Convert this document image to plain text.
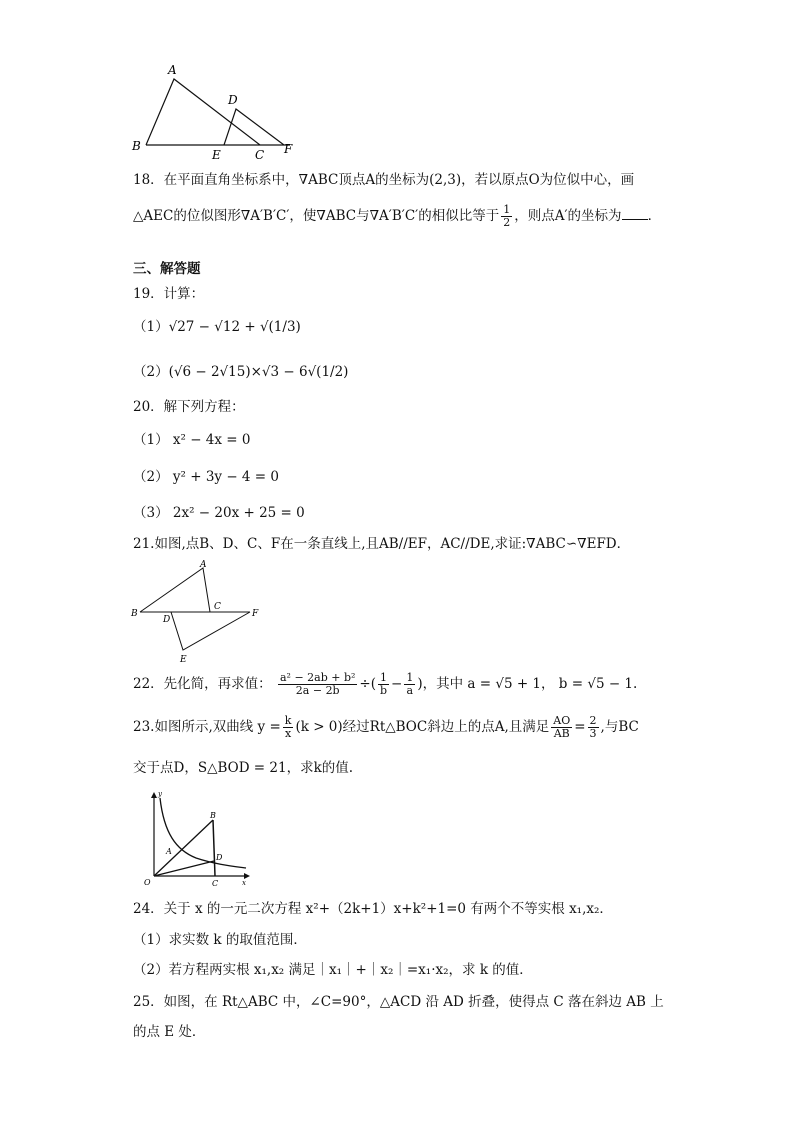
A
B
D
E	C F
18．在平面直角坐标系中，∇ABC顶点A的坐标为(2,3)，若以原点O为位似中心，画
△AEC的位似图形∇A′B′C′，使∇ABC与∇A′B′C′的相似比等于 $\frac{1}{2}$ ，则点A′的坐标为 ．
三、解答题
19．计算：
（1）√27 − √12 + √(1/3)
（2）(√6 − 2√15)×√3 − 6√(1/2)
20．解下列方程：
（1） x² − 4x = 0
（2） y² + 3y − 4 = 0
（3） 2x² − 20x + 25 = 0
21.如图,点B、D、C、F在一条直线上,且AB//EF，AC//DE,求证:∇ABC∽∇EFD．
A
B
C
D
F
E
22．先化简，再求值： $\frac{\text{a² − 2ab + b²}}{2a - 2b}$ ÷( $\frac{1}{b} - \frac{1}{a}$ )，其中 a = √5 + 1， b = √5 − 1.
23.如图所示,双曲线 $y = \frac{k}{x} (k > 0)$经过Rt△BOC斜边上的点A,且满足 $\frac{AO}{AB} = \frac{2}{3}$ ,与BC
交于点D，S△BOD = 21，求k的值.
y
x
O
A
B
D
C
24．关于 x 的一元二次方程 x²+（2k+1）x+k²+1=0 有两个不等实根 x₁,x₂．
（1）求实数 k 的取值范围．
（2）若方程两实根 x₁,x₂ 满足｜x₁｜+｜x₂｜=x₁·x₂，求 k 的值．
25．如图，在 Rt△ABC 中，∠C=90°，△ACD 沿 AD 折叠，使得点 C 落在斜边 AB 上
的点 E 处．
